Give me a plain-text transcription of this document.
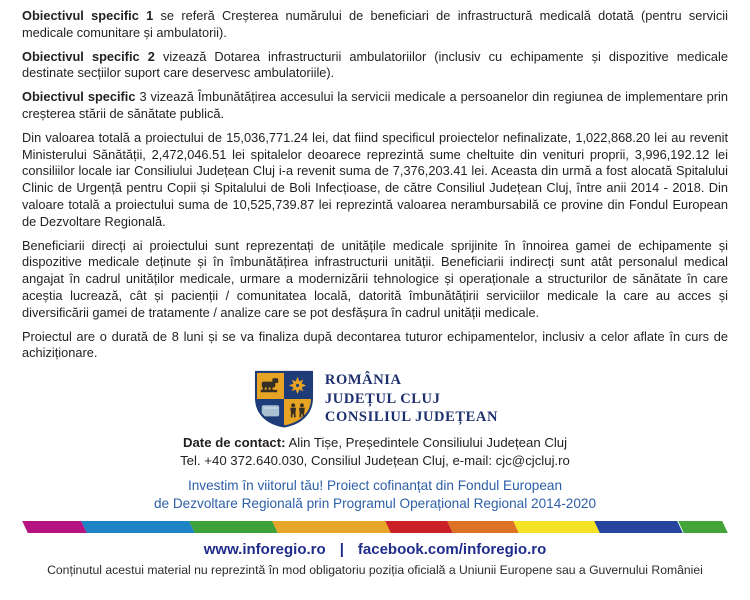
Obiectivul specific 1 se referă Creșterea numărului de beneficiari de infrastructură medicală dotată (pentru servicii medicale comunitare și ambulatorii).

Obiectivul specific 2 vizează Dotarea infrastructurii ambulatoriilor (inclusiv cu echipamente și dispozitive medicale destinate secțiilor suport care deservesc ambulatoriile).

Obiectivul specific 3 vizează Îmbunătățirea accesului la servicii medicale a persoanelor din regiunea de implementare prin creșterea stării de sănătate publică.

Din valoarea totală a proiectului de 15,036,771.24 lei, dat fiind specificul proiectelor nefinalizate, 1,022,868.20 lei au revenit Ministerului Sănătății, 2,472,046.51 lei spitalelor deoarece reprezintă sume cheltuite din venituri proprii, 3,996,192.12 lei consiliilor locale iar Consiliului Județean Cluj i-a revenit suma de 7,376,203.41 lei. Aceasta din urmă a fost alocată Spitalului Clinic de Urgență pentru Copii și Spitalului de Boli Infecțioase, de către Consiliul Județean Cluj, între anii 2014 - 2018. Din valoare totală a proiectului suma de 10,525,739.87 lei reprezintă valoarea nerambursabilă ce provine din Fondul European de Dezvoltare Regională.

Beneficiarii direcți ai proiectului sunt reprezentați de unitățile medicale sprijinite în înnoirea gamei de echipamente și dispozitive medicale deținute și în îmbunătățirea infrastructurii unității. Beneficiarii indirecți sunt atât personalul medical angajat în cadrul unităților medicale, urmare a modernizării tehnologice și operaționale a structurilor de sănătate în care aceștia lucrează, cât și pacienții / comunitatea locală, datorită îmbunătățirii serviciilor medicale la care au acces și diversificării gamei de tratamente / analize care se pot desfășura în cadrul unității medicale.

Proiectul are o durată de 8 luni și se va finaliza după decontarea tuturor echipamentelor, inclusiv a celor aflate în curs de achiziționare.

ROMÂNIA
JUDEȚUL CLUJ
CONSILIUL JUDEȚEAN
Date de contact: Alin Tișe, Președintele Consiliului Județean Cluj
Tel. +40 372.640.030, Consiliul Județean Cluj, e-mail: cjc@cjcluj.ro
Investim în viitorul tău! Proiect cofinanțat din Fondul European
de Dezvoltare Regională prin Programul Operațional Regional 2014-2020
www.inforegio.ro | facebook.com/inforegio.ro
Conținutul acestui material nu reprezintă în mod obligatoriu poziția oficială a Uniunii Europene sau a Guvernului României
